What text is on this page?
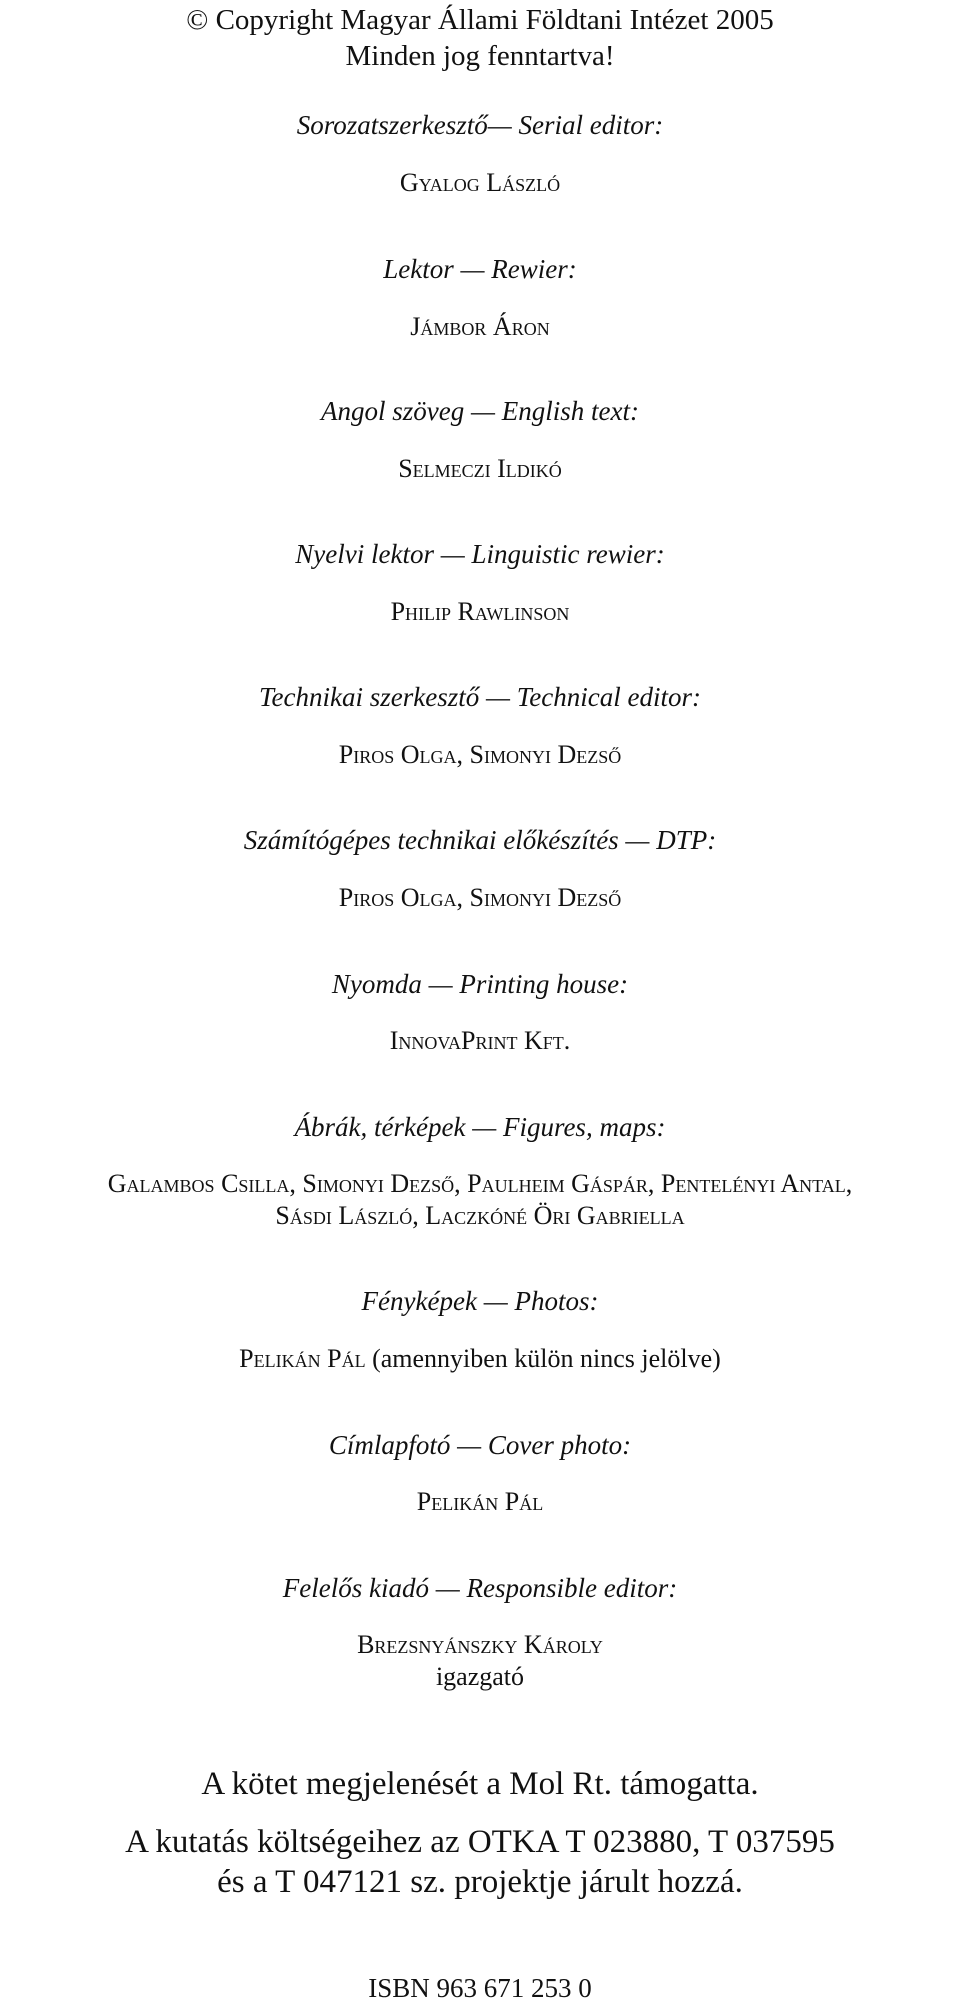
© Copyright Magyar Állami Földtani Intézet 2005
Minden jog fenntartva!
Sorozatszerkesztő— Serial editor:
Gyalog László
Lektor — Rewier:
Jámbor Áron
Angol szöveg — English text:
Selmeczi Ildikó
Nyelvi lektor — Linguistic rewier:
Philip Rawlinson
Technikai szerkesztő — Technical editor:
Piros Olga, Simonyi Dezső
Számítógépes technikai előkészítés — DTP:
Piros Olga, Simonyi Dezső
Nyomda — Printing house:
InnovaPrint Kft.
Ábrák, térképek — Figures, maps:
Galambos Csilla, Simonyi Dezső, Paulheim Gáspár, Pentelényi Antal,
Sásdi László, Laczkóné Öri Gabriella
Fényképek — Photos:
Pelikán Pál (amennyiben külön nincs jelölve)
Címlapfotó — Cover photo:
Pelikán Pál
Felelős kiadó — Responsible editor:
Brezsnyánszky Károly
igazgató
A kötet megjelenését a Mol Rt. támogatta.
A kutatás költségeihez az OTKA T 023880, T 037595
és a T 047121 sz. projektje járult hozzá.
ISBN 963 671 253 0
